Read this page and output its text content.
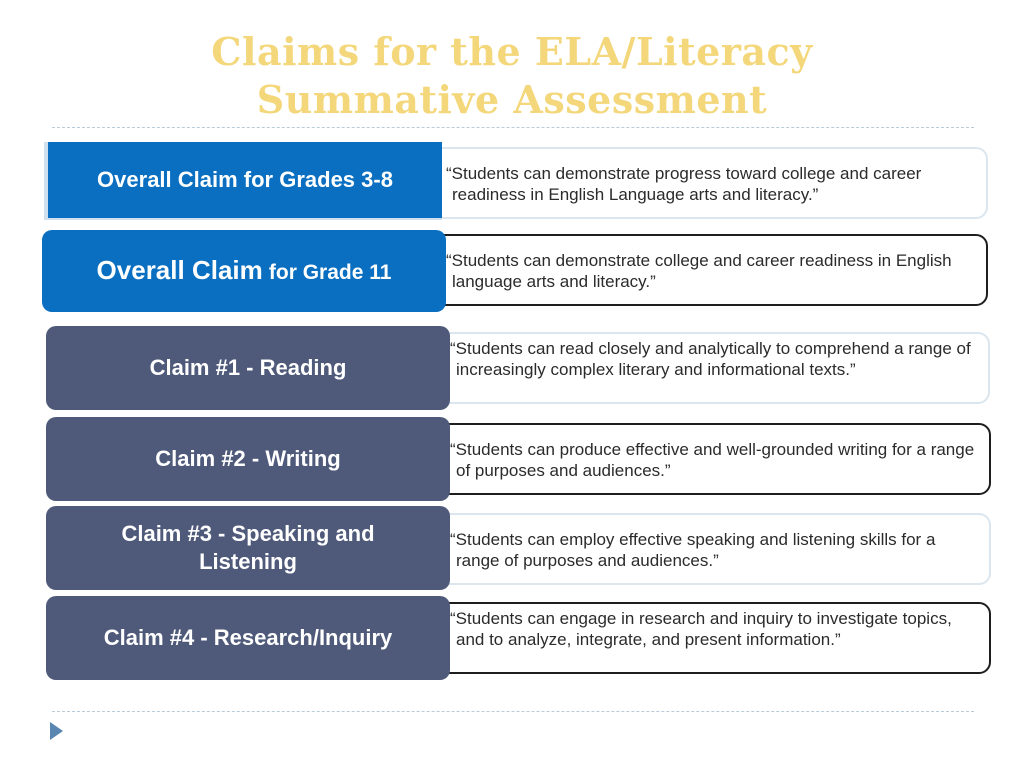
Claims for the ELA/Literacy
Summative Assessment
“Students can demonstrate progress toward college and career readiness in English Language arts and literacy.”
Overall Claim for Grades 3-8
“Students can demonstrate college and career readiness in English language arts and literacy.”
Overall Claim for Grade 11
“Students can read closely and analytically to comprehend a range of increasingly complex literary and informational texts.”
Claim #1 - Reading
“Students can produce effective and well-grounded writing for a range of purposes and audiences.”
Claim #2 - Writing
“Students can employ effective speaking and listening skills for a range of purposes and audiences.”
Claim #3 - Speaking and Listening
“Students can engage in research and inquiry to investigate topics, and to analyze, integrate, and present information.”
Claim #4 - Research/Inquiry
